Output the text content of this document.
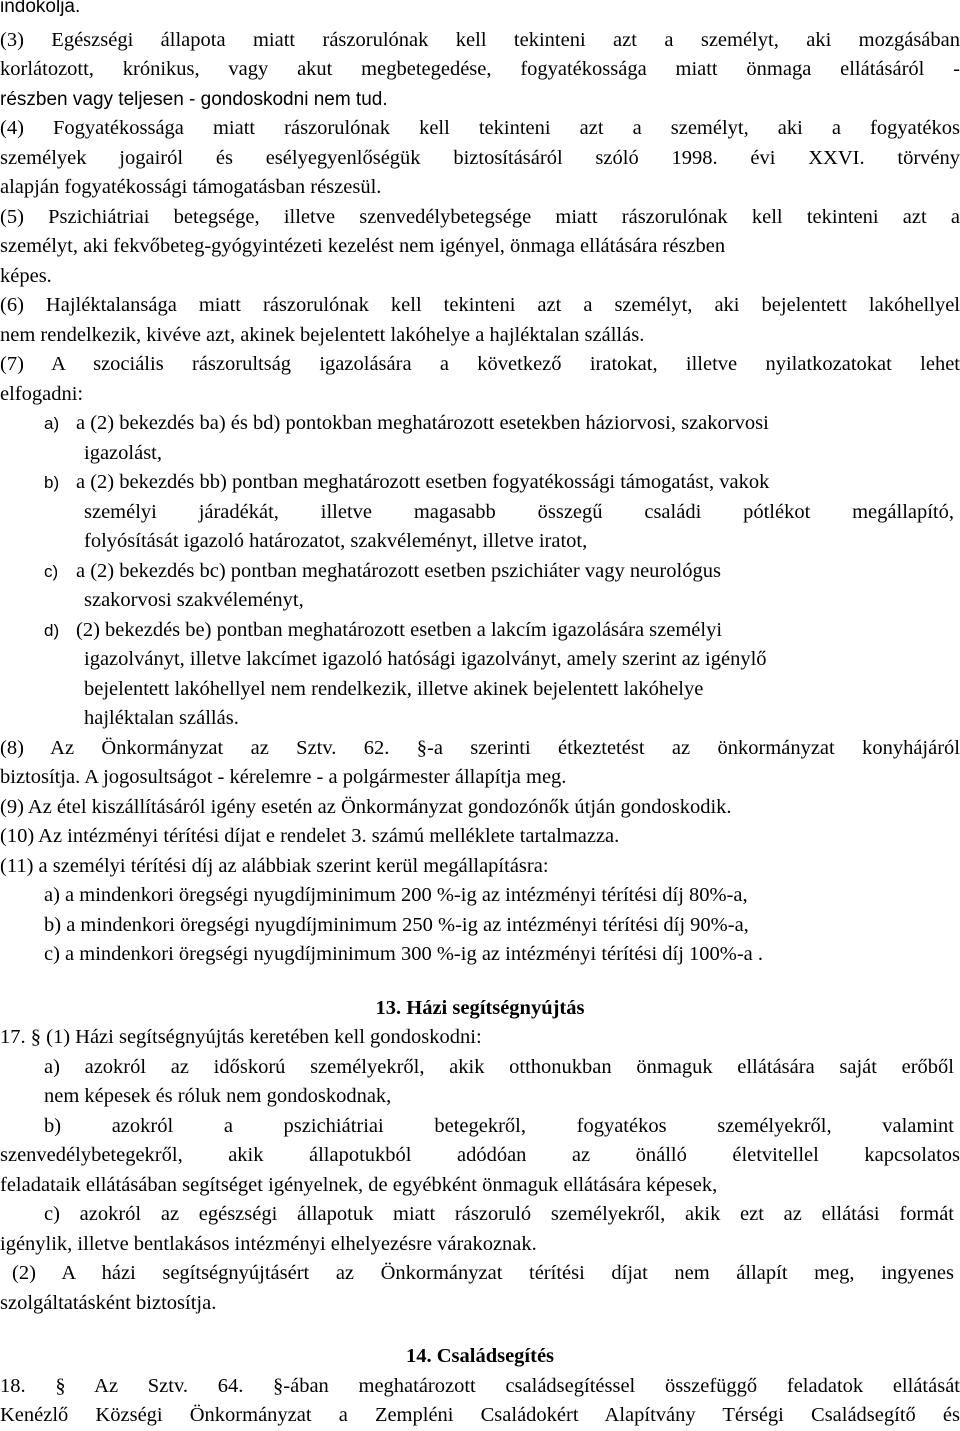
indokolja.
(3) Egészségi állapota miatt rászorulónak kell tekinteni azt a személyt, aki mozgásában
korlátozott, krónikus, vagy akut megbetegedése, fogyatékossága miatt önmaga ellátásáról -
részben vagy teljesen - gondoskodni nem tud.
(4) Fogyatékossága miatt rászorulónak kell tekinteni azt a személyt, aki a fogyatékos
személyek jogairól és esélyegyenlőségük biztosításáról szóló 1998. évi XXVI. törvény
alapján fogyatékossági támogatásban részesül.
(5) Pszichiátriai betegsége, illetve szenvedélybetegsége miatt rászorulónak kell tekinteni azt a
személyt, aki fekvőbeteg-gyógyintézeti kezelést nem igényel, önmaga ellátására részben
képes.
(6) Hajléktalansága miatt rászorulónak kell tekinteni azt a személyt, aki bejelentett lakóhellyel
nem rendelkezik, kivéve azt, akinek bejelentett lakóhelye a hajléktalan szállás.
(7) A szociális rászorultság igazolására a következő iratokat, illetve nyilatkozatokat lehet
elfogadni:
a) a (2) bekezdés ba) és bd) pontokban meghatározott esetekben háziorvosi, szakorvosi
igazolást,
b) a (2) bekezdés bb) pontban meghatározott esetben fogyatékossági támogatást, vakok
személyi járadékát, illetve magasabb összegű családi pótlékot megállapító,
folyósítását igazoló határozatot, szakvéleményt, illetve iratot,
c) a (2) bekezdés bc) pontban meghatározott esetben pszichiáter vagy neurológus
szakorvosi szakvéleményt,
d) (2) bekezdés be) pontban meghatározott esetben a lakcím igazolására személyi
igazolványt, illetve lakcímet igazoló hatósági igazolványt, amely szerint az igénylő
bejelentett lakóhellyel nem rendelkezik, illetve akinek bejelentett lakóhelye
hajléktalan szállás.
(8) Az Önkormányzat az Sztv. 62. §-a szerinti étkeztetést az önkormányzat konyhájáról
biztosítja. A jogosultságot - kérelemre - a polgármester állapítja meg.
(9) Az étel kiszállításáról igény esetén az Önkormányzat gondozónők útján gondoskodik.
(10) Az intézményi térítési díjat e rendelet 3. számú melléklete tartalmazza.
(11) a személyi térítési díj az alábbiak szerint kerül megállapításra:
a) a mindenkori öregségi nyugdíjminimum 200 %-ig az intézményi térítési díj 80%-a,
b) a mindenkori öregségi nyugdíjminimum 250 %-ig az intézményi térítési díj 90%-a,
c) a mindenkori öregségi nyugdíjminimum 300 %-ig az intézményi térítési díj 100%-a .
13. Házi segítségnyújtás
17. § (1) Házi segítségnyújtás keretében kell gondoskodni:
a) azokról az időskorú személyekről, akik otthonukban önmaguk ellátására saját erőből
nem képesek és róluk nem gondoskodnak,
b) azokról a pszichiátriai betegekről, fogyatékos személyekről, valamint
szenvedélybetegekről, akik állapotukból adódóan az önálló életvitellel kapcsolatos
feladataik ellátásában segítséget igényelnek, de egyébként önmaguk ellátására képesek,
c) azokról az egészségi állapotuk miatt rászoruló személyekről, akik ezt az ellátási formát
igénylik, illetve bentlakásos intézményi elhelyezésre várakoznak.
(2) A házi segítségnyújtásért az Önkormányzat térítési díjat nem állapít meg, ingyenes
szolgáltatásként biztosítja.
14. Családsegítés
18. § Az Sztv. 64. §-ában meghatározott családsegítéssel összefüggő feladatok ellátását
Kenézlő Községi Önkormányzat a Zempléni Családokért Alapítvány Térségi Családsegítő és
